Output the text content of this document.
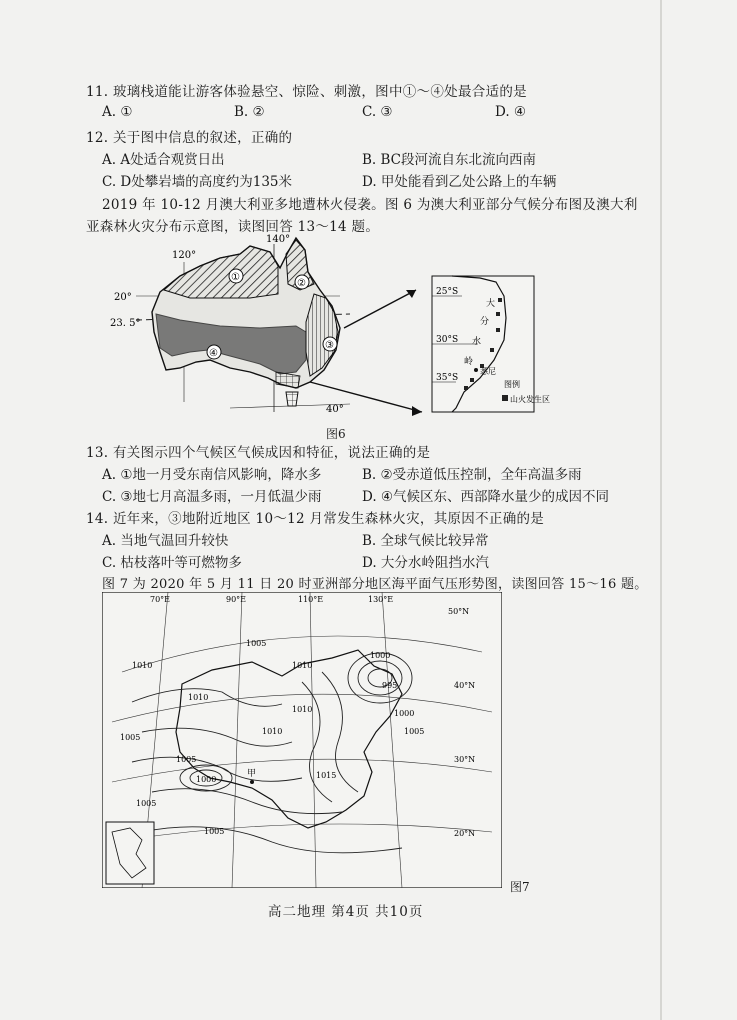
11. 玻璃栈道能让游客体验悬空、惊险、刺激，图中①～④处最合适的是
A. ①	B. ②	C. ③	D. ④
12. 关于图中信息的叙述，正确的
A. A处适合观赏日出	B. BC段河流自东北流向西南
C. D处攀岩墙的高度约为135米	D. 甲处能看到乙处公路上的车辆
2019 年 10-12 月澳大利亚多地遭林火侵袭。图 6 为澳大利亚部分气候分布图及澳大利
亚森林火灾分布示意图，读图回答 13～14 题。
①
②
③
④
140°
120°
20°
23. 5°
40°
25°S
30°S
35°S
大
分
水
岭
悉尼
图例
山火发生区
图6
13. 有关图示四个气候区气候成因和特征，说法正确的是
A. ①地一月受东南信风影响，降水多	B. ②受赤道低压控制，全年高温多雨
C. ③地七月高温多雨，一月低温少雨	D. ④气候区东、西部降水量少的成因不同
14. 近年来，③地附近地区 10～12 月常发生森林火灾，其原因不正确的是
A. 当地气温回升较快	B. 全球气候比较异常
C. 枯枝落叶等可燃物多	D. 大分水岭阻挡水汽
图 7 为 2020 年 5 月 11 日 20 时亚洲部分地区海平面气压形势图，读图回答 15～16 题。
70°E	90°E	110°E	130°E
50°N
40°N
30°N
20°N
1010
1005
1010
1005
1010
1005
1000
1005
1015
1005
1010
1000
995
1000
1005
1010
甲
图7
高二地理 第4页 共10页
